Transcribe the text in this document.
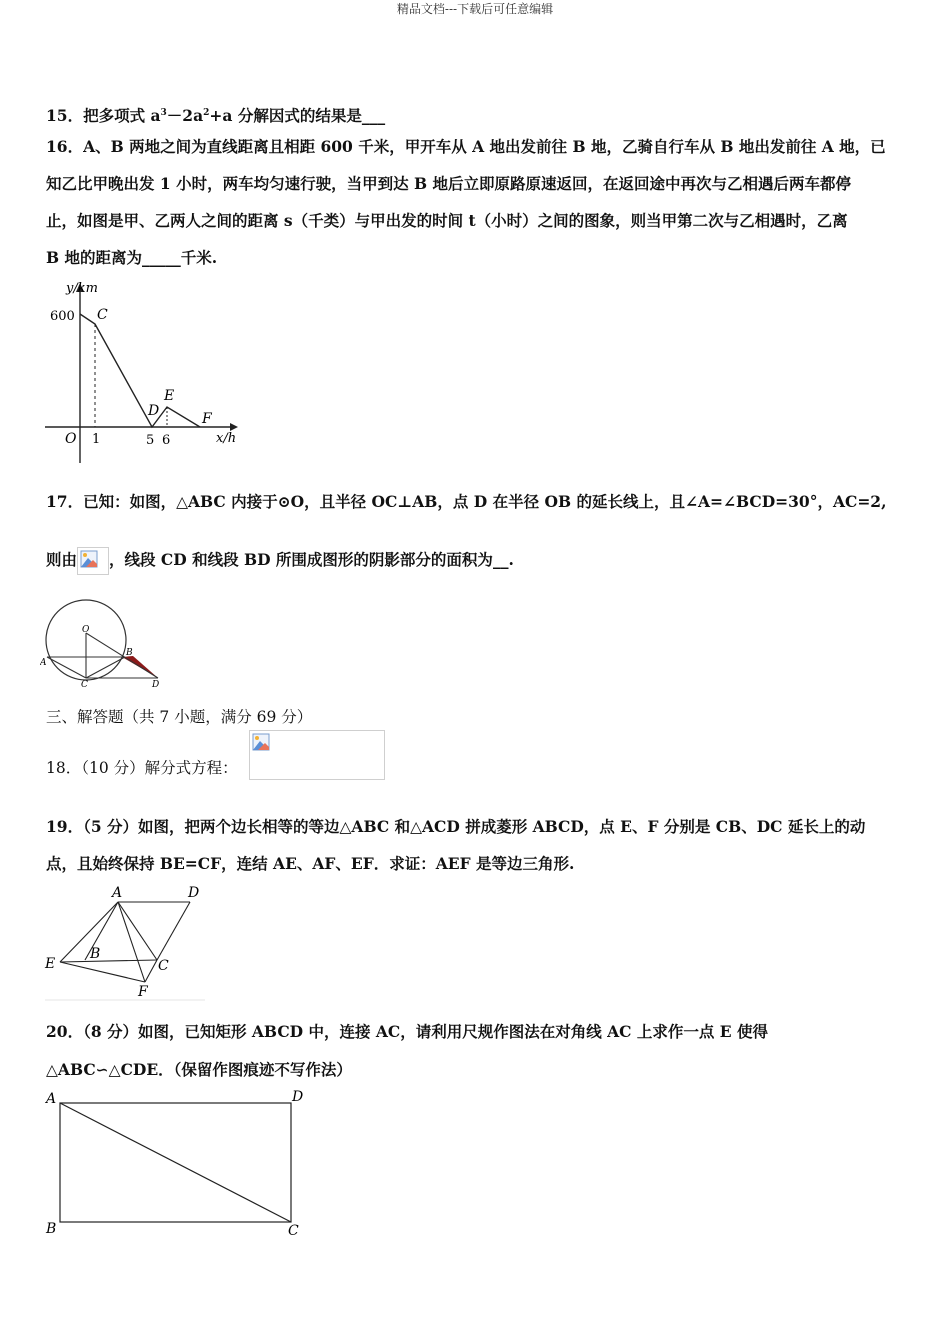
精品文档---下载后可任意编辑
15．把多项式 $a^3-2a^2+a$ 分解因式的结果是___
16．A、B 两地之间为直线距离且相距 600 千米，甲开车从 A 地出发前往 B 地，乙骑自行车从 B 地出发前往 A 地，已
知乙比甲晚出发 1 小时，两车均匀速行驶，当甲到达 B 地后立即原路原速返回，在返回途中再次与乙相遇后两车都停
止，如图是甲、乙两人之间的距离 s（千类）与甲出发的时间 t（小时）之间的图象，则当甲第二次与乙相遇时，乙离
B 地的距离为_____千米.
y/km
600 C
D
E
F
O 1	5 6	x/h
17．已知：如图，△ABC 内接于⊙O，且半径 OC⊥AB，点 D 在半径 OB 的延长线上，且∠A=∠BCD=30°，AC=2,
则由 ，线段 CD 和线段 BD 所围成图形的阴影部分的面积为__.
O
A
B
C	D
三、解答题（共 7 小题，满分 69 分）
18．（10 分）解分式方程：
19．（5 分）如图，把两个边长相等的等边△ABC 和△ACD 拼成菱形 ABCD，点 E、F 分别是 CB、DC 延长上的动
点，且始终保持 BE=CF，连结 AE、AF、EF．求证：AEF 是等边三角形.
A	D
B
C
E
F
20．（8 分）如图，已知矩形 ABCD 中，连接 AC，请利用尺规作图法在对角线 AC 上求作一点 E 使得
△ABC∽△CDE．（保留作图痕迹不写作法）
A	D
B	C
